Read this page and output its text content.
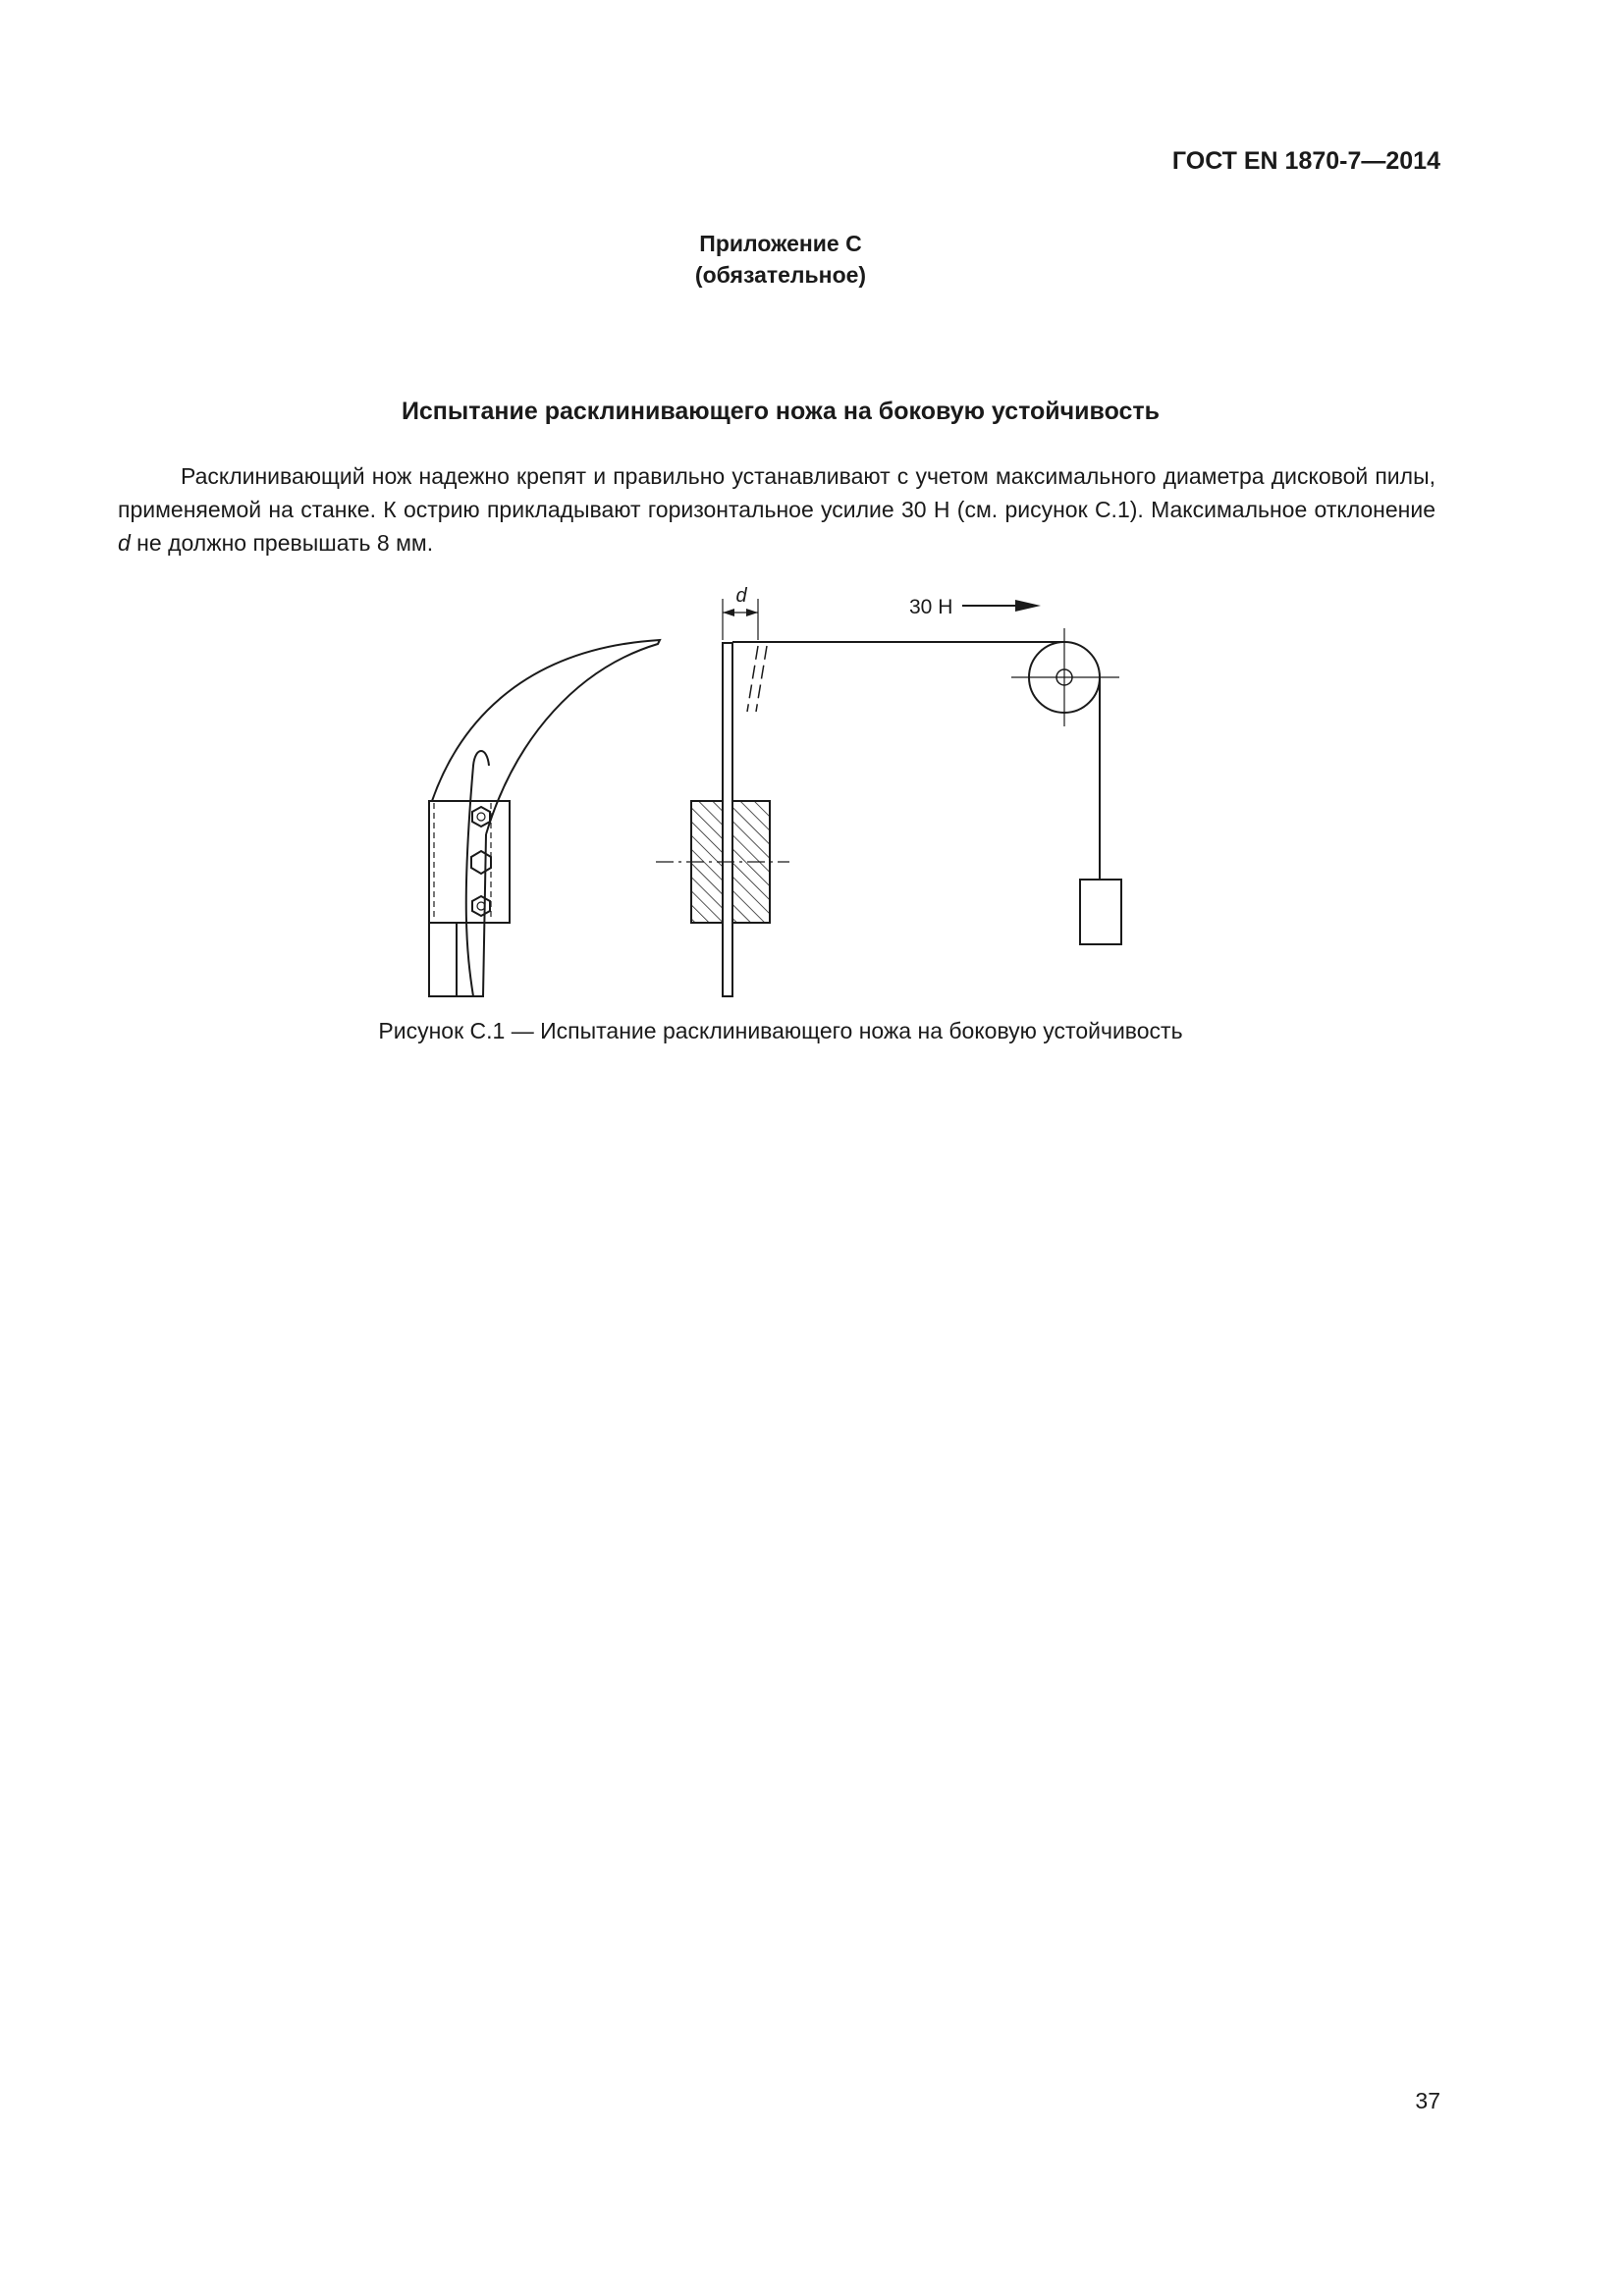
ГОСТ EN 1870-7—2014
Приложение С
(обязательное)
Испытание расклинивающего ножа на боковую устойчивость

Расклинивающий нож надежно крепят и правильно устанавливают с учетом максимального диаметра дисковой пилы, применяемой на станке. К острию прикладывают горизонтальное усилие 30 Н (см. рисунок С.1). Максимальное отклонение d не должно превышать 8 мм.

d	30 Н
Рисунок С.1 — Испытание расклинивающего ножа на боковую устойчивость
37
